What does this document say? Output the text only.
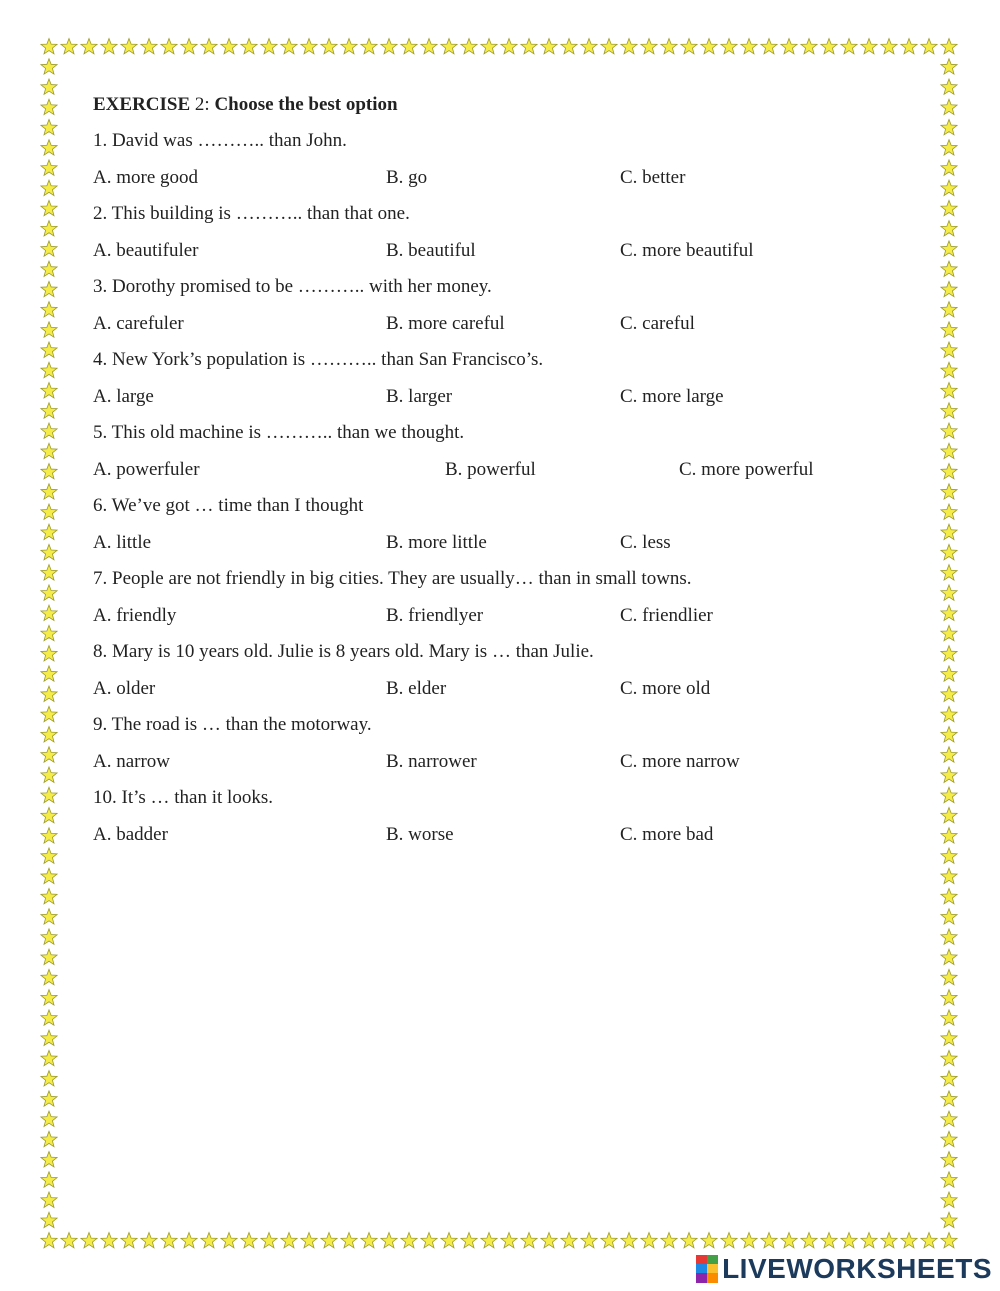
EXERCISE 2: Choose the best option
1. David was ……….. than John.
A. more good	B. go	C. better
2. This building is ……….. than that one.
A. beautifuler	B. beautiful	C. more beautiful
3. Dorothy promised to be ……….. with her money.
A. carefuler	B. more careful	C. careful
4. New York’s population is ……….. than San Francisco’s.
A. large	B. larger	C. more large
5. This old machine is ……….. than we thought.
A. powerfuler	B. powerful	C. more powerful
6. We’ve got … time than I thought
A. little	B. more little	C. less
7. People are not friendly in big cities. They are usually… than in small towns.
A. friendly	B. friendlyer	C. friendlier
8. Mary is 10 years old. Julie is 8 years old. Mary is … than Julie.
A. older	B. elder	C. more old
9. The road is … than the motorway.
A. narrow	B. narrower	C. more narrow
10. It’s … than it looks.
A. badder	B. worse	C. more bad
LIVEWORKSHEETS
